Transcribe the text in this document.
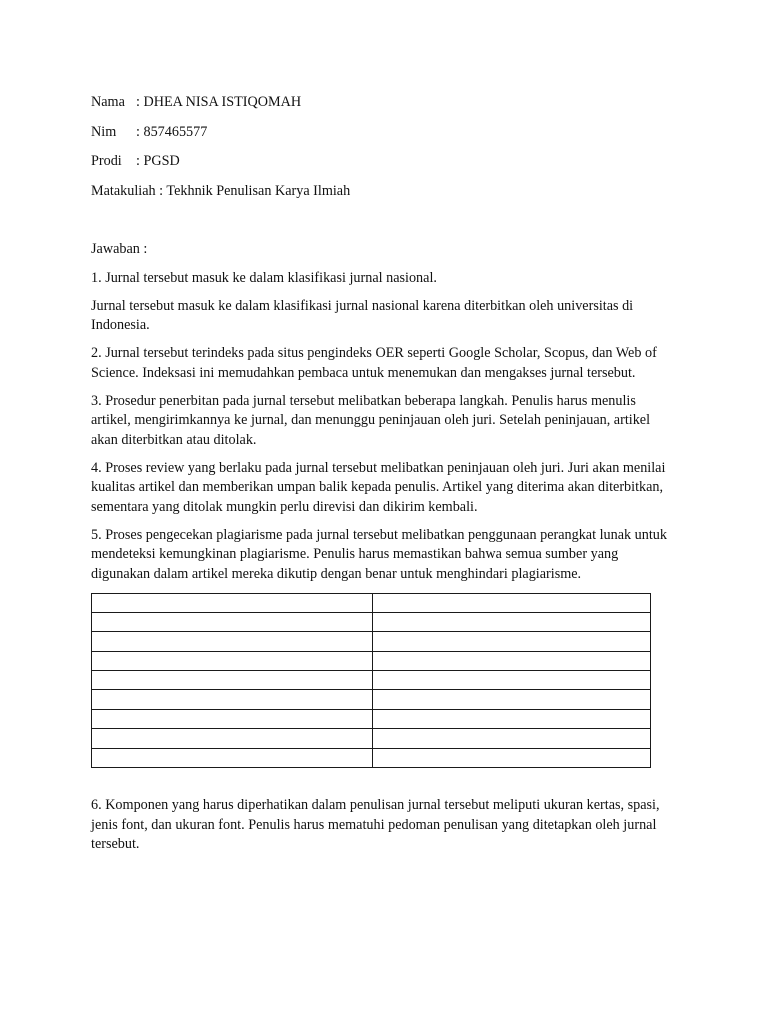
Nama : DHEA NISA ISTIQOMAH
Nim : 857465577
Prodi : PGSD
Matakuliah : Tekhnik Penulisan Karya Ilmiah

Jawaban :

1. Jurnal tersebut masuk ke dalam klasifikasi jurnal nasional.

Jurnal tersebut masuk ke dalam klasifikasi jurnal nasional karena diterbitkan oleh universitas di Indonesia.

2. Jurnal tersebut terindeks pada situs pengindeks OER seperti Google Scholar, Scopus, dan Web of Science. Indeksasi ini memudahkan pembaca untuk menemukan dan mengakses jurnal tersebut.

3. Prosedur penerbitan pada jurnal tersebut melibatkan beberapa langkah. Penulis harus menulis artikel, mengirimkannya ke jurnal, dan menunggu peninjauan oleh juri. Setelah peninjauan, artikel akan diterbitkan atau ditolak.

4. Proses review yang berlaku pada jurnal tersebut melibatkan peninjauan oleh juri. Juri akan menilai kualitas artikel dan memberikan umpan balik kepada penulis. Artikel yang diterima akan diterbitkan, sementara yang ditolak mungkin perlu direvisi dan dikirim kembali.

5. Proses pengecekan plagiarisme pada jurnal tersebut melibatkan penggunaan perangkat lunak untuk mendeteksi kemungkinan plagiarisme. Penulis harus memastikan bahwa semua sumber yang digunakan dalam artikel mereka dikutip dengan benar untuk menghindari plagiarisme.

6. Komponen yang harus diperhatikan dalam penulisan jurnal tersebut meliputi ukuran kertas, spasi, jenis font, dan ukuran font. Penulis harus mematuhi pedoman penulisan yang ditetapkan oleh jurnal tersebut.
